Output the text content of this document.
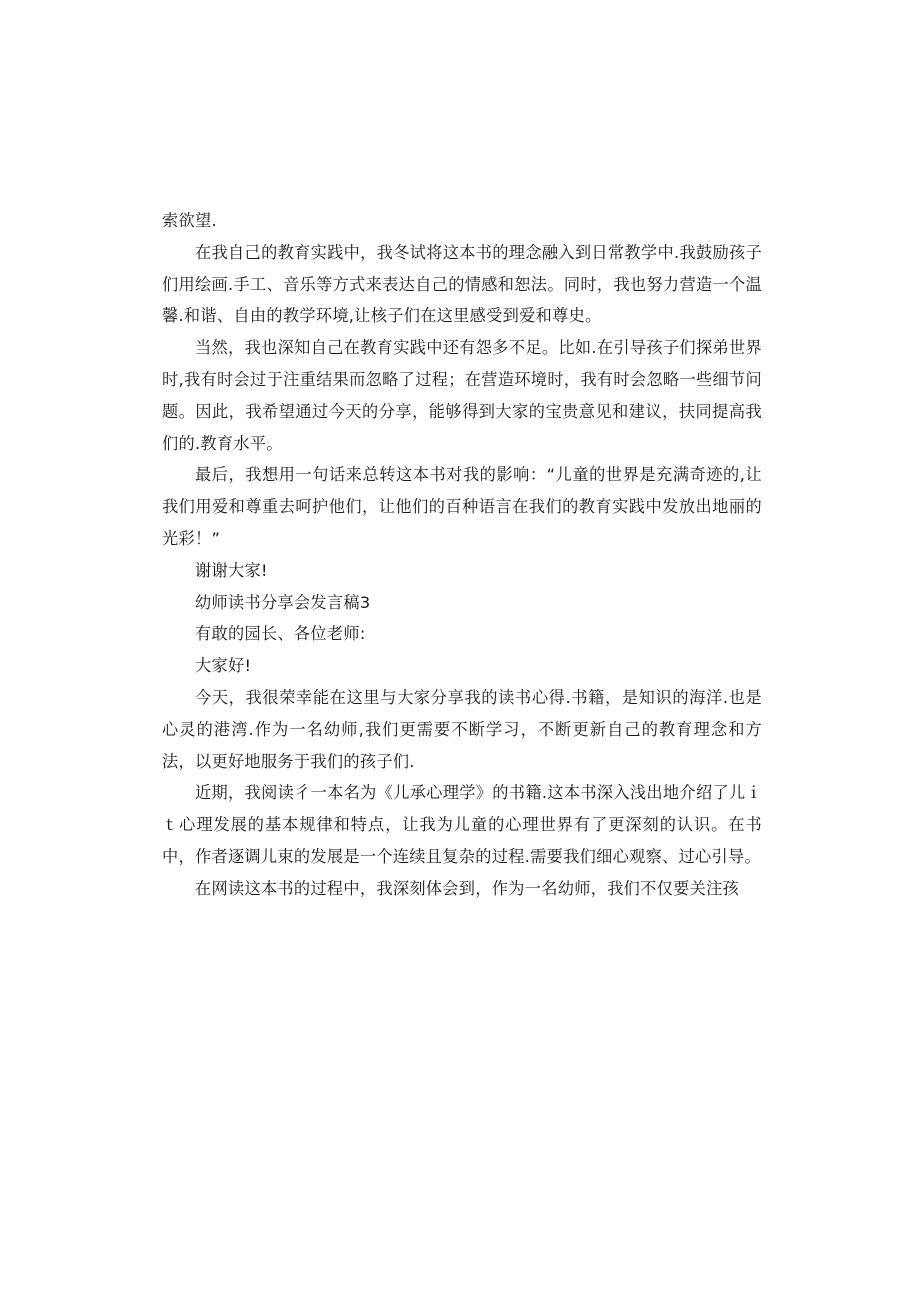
索欲望.

在我自己的教育实践中，我冬试将这本书的理念融入到日常教学中.我鼓励孩子们用绘画.手工、音乐等方式来表达自己的情感和恕法。同时，我也努力营造一个温馨.和谐、自由的教学环境,让核子们在这里感受到爱和尊史。

当然，我也深知自己在教育实践中还有怨多不足。比如.在引导孩子们探弟世界时,我有时会过于注重结果而忽略了过程；在营造环境时，我有时会忽略一些细节问题。因此，我希望通过今天的分享，能够得到大家的宝贵意见和建议，扶同提高我们的.教育水平。

最后，我想用一句话来总转这本书对我的影响：“儿童的世界是充满奇迹的,让我们用爱和尊重去呵护他们，让他们的百种语言在我们的教育实践中发放出地丽的光彩！”

谢谢大家!

幼师读书分享会发言稿3

有敢的园长、各位老师:

大家好!

今天，我很荣幸能在这里与大家分享我的读书心得.书籍，是知识的海洋.也是心灵的港湾.作为一名幼师,我们更需要不断学习，不断更新自己的教育理念和方法，以更好地服务于我们的孩子们.

近期，我阅读彳一本名为《儿承心理学》的书籍.这本书深入浅出地介绍了儿ｉｔ心理发展的基本规律和特点，让我为儿童的心理世界有了更深刻的认识。在书中，作者逐调儿束的发展是一个连续且复杂的过程.需要我们细心观察、过心引导。

在网读这本书的过程中，我深刻体会到，作为一名幼师，我们不仅要关注孩
